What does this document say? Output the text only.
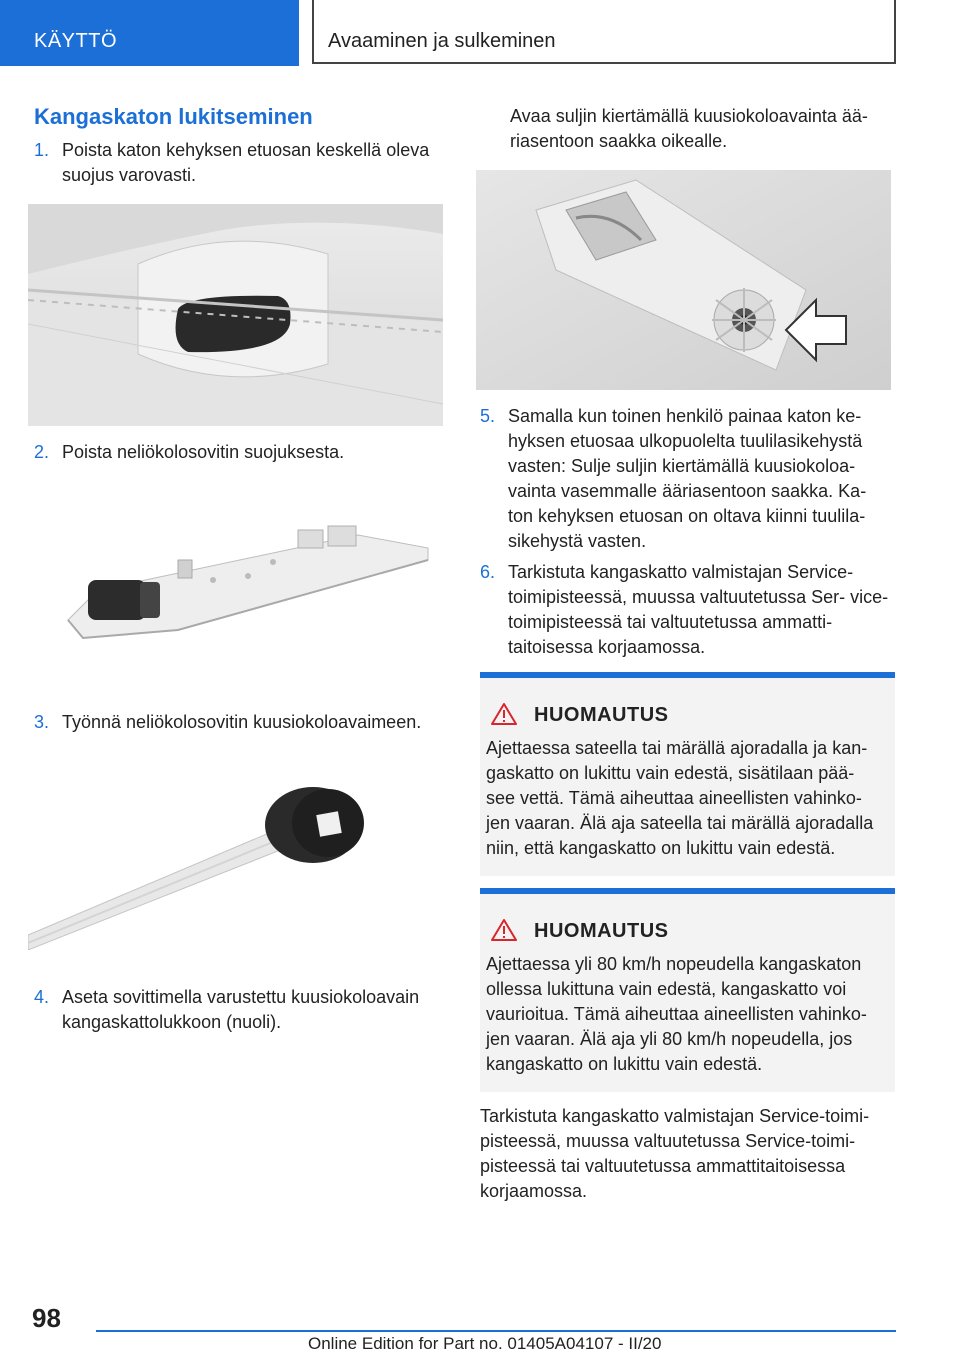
KÄYTTÖ	Avaaminen ja sulkeminen
Kangaskaton lukitseminen
1. Poista katon kehyksen etuosan keskellä oleva suojus varovasti.
2. Poista neliökolosovitin suojuksesta.
3. Työnnä neliökolosovitin kuusiokoloavaimeen.
4. Aseta sovittimella varustettu kuusiokoloavain kangaskattolukkoon (nuoli).
Avaa suljin kiertämällä kuusiokoloavainta ää- riasentoon saakka oikealle.
5. Samalla kun toinen henkilö painaa katon ke- hyksen etuosaa ulkopuolelta tuulilasikehystä vasten: Sulje suljin kiertämällä kuusiokoloa- vainta vasemmalle ääriasentoon saakka. Ka- ton kehyksen etuosan on oltava kiinni tuulila- sikehystä vasten.
6. Tarkistuta kangaskatto valmistajan Service- toimipisteessä, muussa valtuutetussa Ser- vice-toimipisteessä tai valtuutetussa ammatti- taitoisessa korjaamossa.
HUOMAUTUS
Ajettaessa sateella tai märällä ajoradalla ja kan- gaskatto on lukittu vain edestä, sisätilaan pää- see vettä. Tämä aiheuttaa aineellisten vahinko- jen vaaran. Älä aja sateella tai märällä ajoradalla niin, että kangaskatto on lukittu vain edestä.
HUOMAUTUS
Ajettaessa yli 80 km/h nopeudella kangaskaton ollessa lukittuna vain edestä, kangaskatto voi vaurioitua. Tämä aiheuttaa aineellisten vahinko- jen vaaran. Älä aja yli 80 km/h nopeudella, jos kangaskatto on lukittu vain edestä.
Tarkistuta kangaskatto valmistajan Service-toimi- pisteessä, muussa valtuutetussa Service-toimi- pisteessä tai valtuutetussa ammattitaitoisessa korjaamossa.
98
Online Edition for Part no. 01405A04107 - II/20
